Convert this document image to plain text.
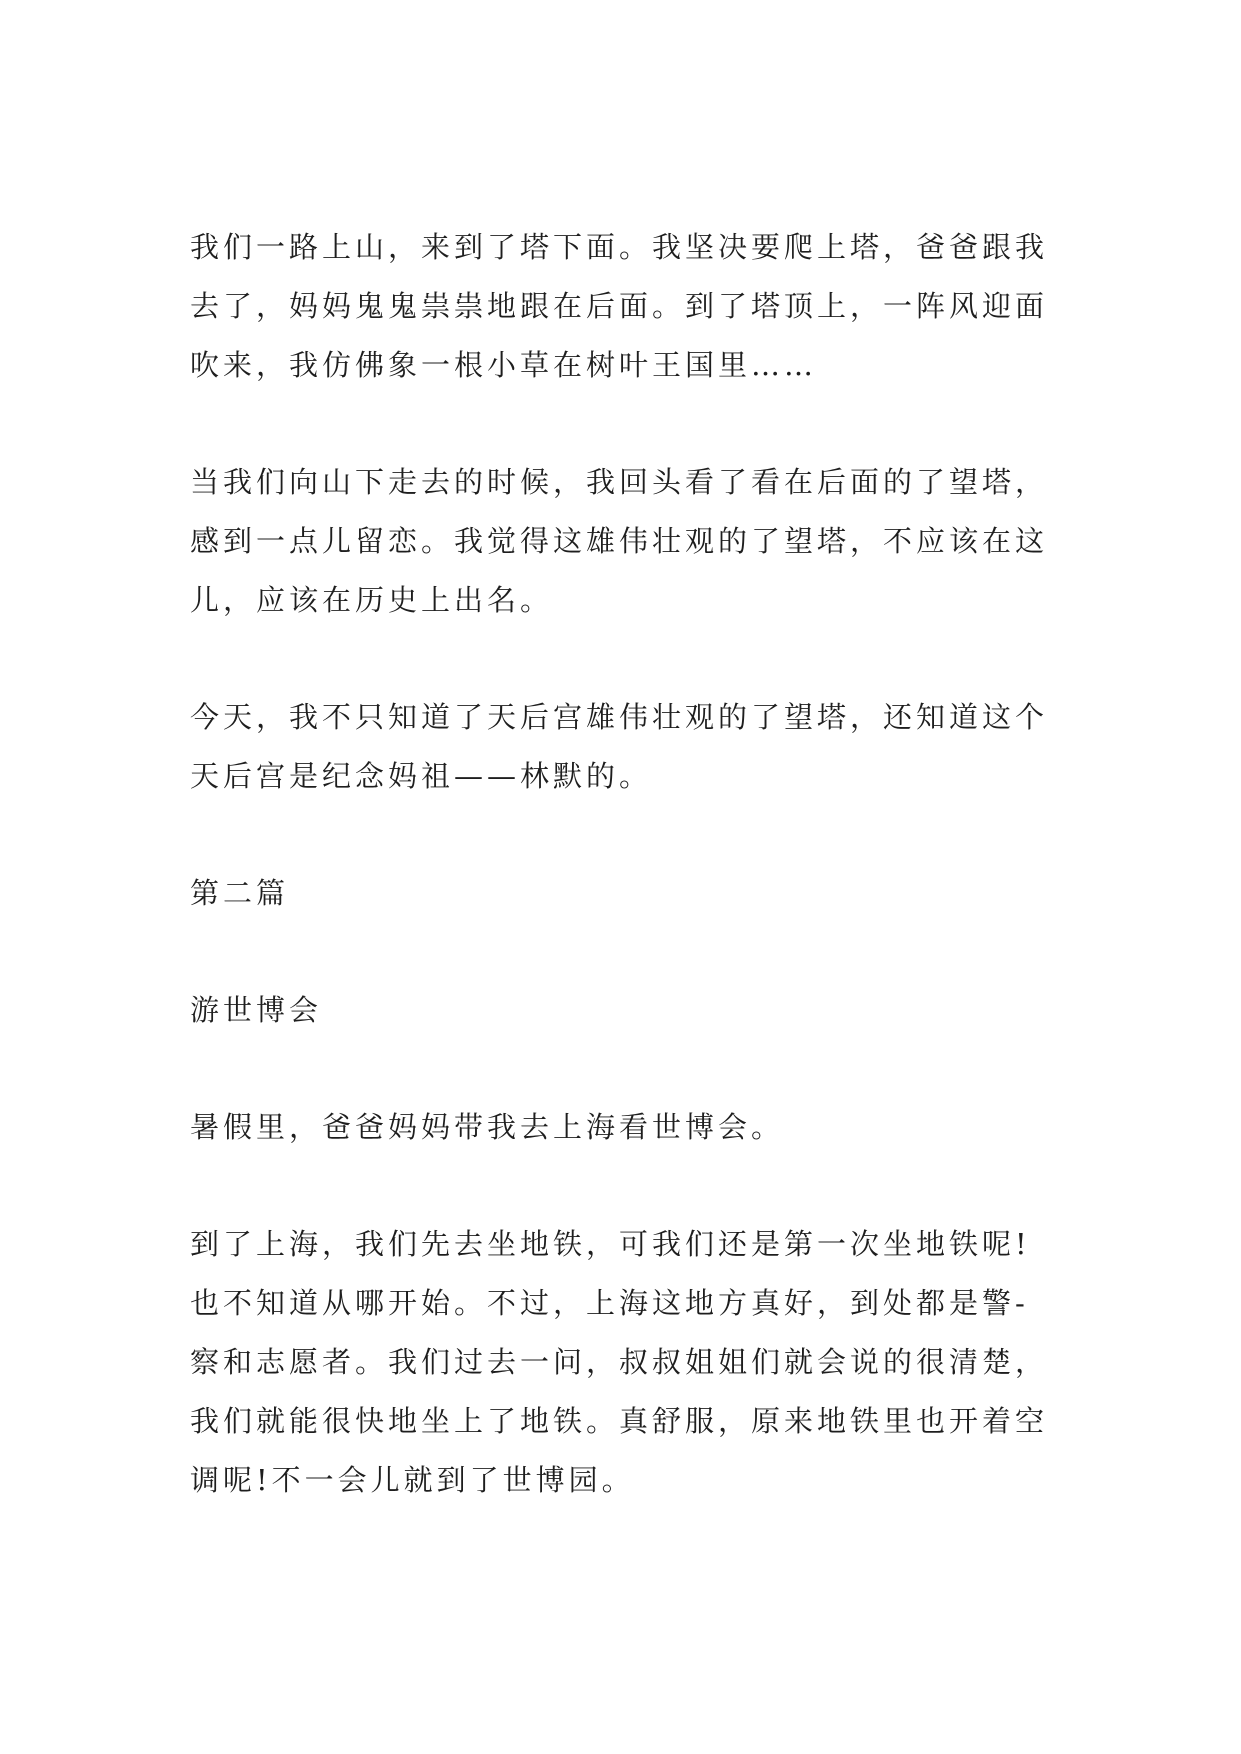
我们一路上山，来到了塔下面。我坚决要爬上塔，爸爸跟我
去了，妈妈鬼鬼祟祟地跟在后面。到了塔顶上，一阵风迎面
吹来，我仿佛象一根小草在树叶王国里……
当我们向山下走去的时候，我回头看了看在后面的了望塔，
感到一点儿留恋。我觉得这雄伟壮观的了望塔，不应该在这
儿，应该在历史上出名。
今天，我不只知道了天后宫雄伟壮观的了望塔，还知道这个
天后宫是纪念妈祖——林默的。
第二篇
游世博会
暑假里，爸爸妈妈带我去上海看世博会。
到了上海，我们先去坐地铁，可我们还是第一次坐地铁呢!
也不知道从哪开始。不过，上海这地方真好，到处都是警-
察和志愿者。我们过去一问，叔叔姐姐们就会说的很清楚，
我们就能很快地坐上了地铁。真舒服，原来地铁里也开着空
调呢!不一会儿就到了世博园。
